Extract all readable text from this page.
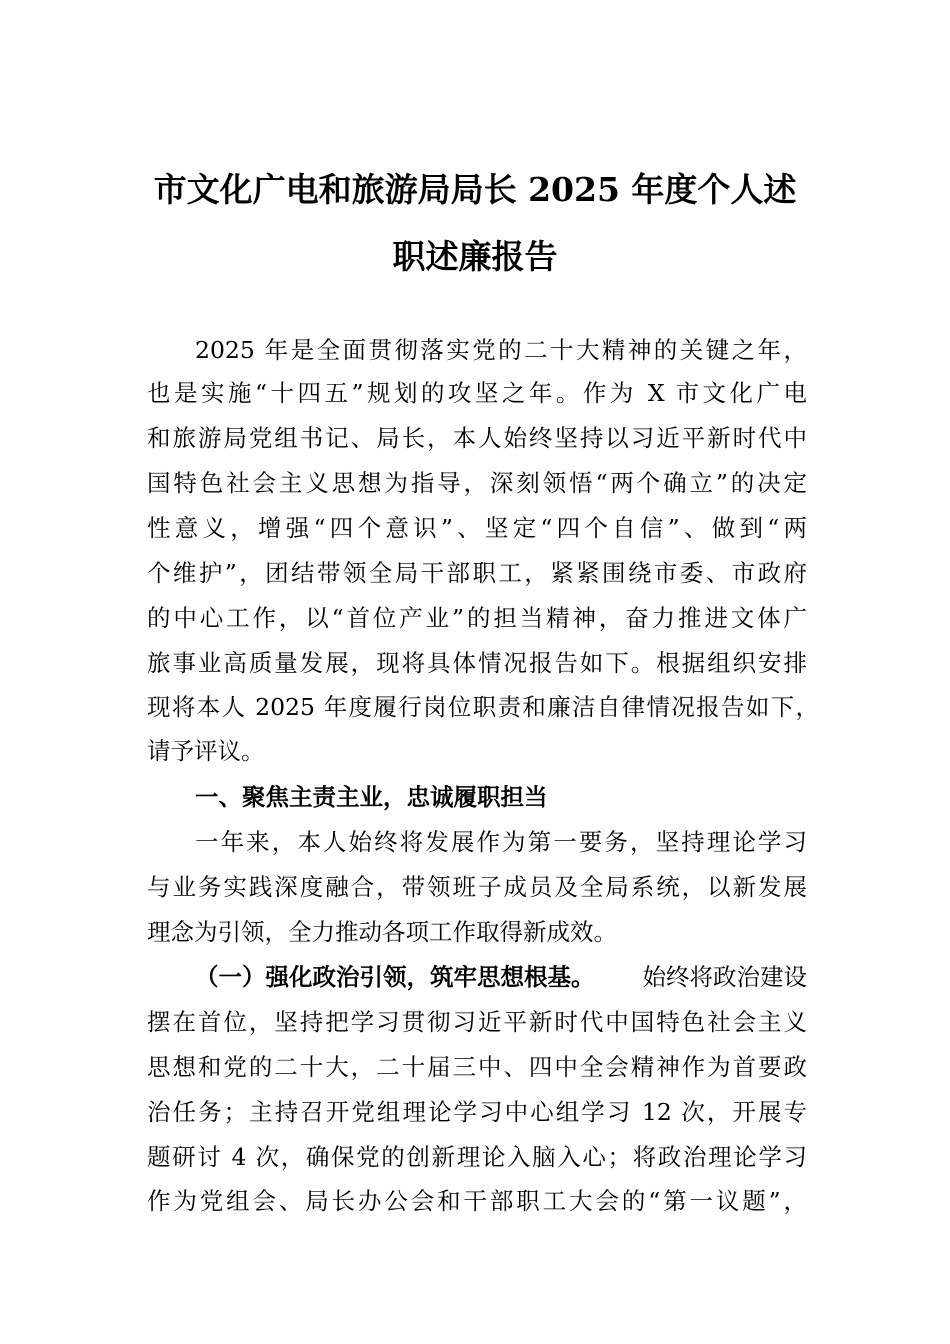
市文化广电和旅游局局长 2025 年度个人述
职述廉报告
2025 年是全面贯彻落实党的二十大精神的关键之年，
也是实施“十四五”规划的攻坚之年。作为 X 市文化广电
和旅游局党组书记、局长，本人始终坚持以习近平新时代中
国特色社会主义思想为指导，深刻领悟“两个确立”的决定
性意义，增强“四个意识”、坚定“四个自信”、做到“两
个维护”，团结带领全局干部职工，紧紧围绕市委、市政府
的中心工作，以“首位产业”的担当精神，奋力推进文体广
旅事业高质量发展，现将具体情况报告如下。根据组织安排
现将本人 2025 年度履行岗位职责和廉洁自律情况报告如下，
请予评议。
一、聚焦主责主业，忠诚履职担当
一年来，本人始终将发展作为第一要务，坚持理论学习
与业务实践深度融合，带领班子成员及全局系统，以新发展
理念为引领，全力推动各项工作取得新成效。
（一）强化政治引领，筑牢思想根基。 始终将政治建设
摆在首位，坚持把学习贯彻习近平新时代中国特色社会主义
思想和党的二十大，二十届三中、四中全会精神作为首要政
治任务；主持召开党组理论学习中心组学习 12 次，开展专
题研讨 4 次，确保党的创新理论入脑入心；将政治理论学习
作为党组会、局长办公会和干部职工大会的“第一议题”，
